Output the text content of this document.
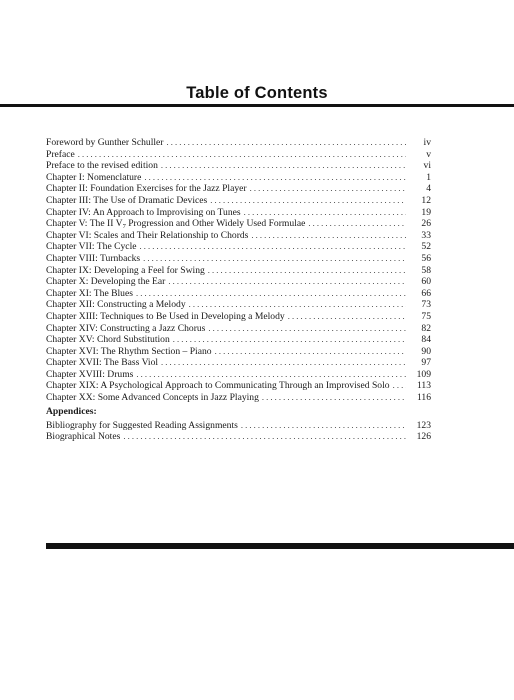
Table of Contents
Foreword by Gunther Schuller . . .	iv
Preface . . .	v
Preface to the revised edition . . .	vi
Chapter I: Nomenclature . . .	1
Chapter II: Foundation Exercises for the Jazz Player . . .	4
Chapter III: The Use of Dramatic Devices . . .	12
Chapter IV: An Approach to Improvising on Tunes . . .	19
Chapter V: The II $V_7$ Progression and Other Widely Used Formulae . . .	26
Chapter VI: Scales and Their Relationship to Chords . . .	33
Chapter VII: The Cycle . . .	52
Chapter VIII: Turnbacks . . .	56
Chapter IX: Developing a Feel for Swing . . .	58
Chapter X: Developing the Ear . . .	60
Chapter XI: The Blues . . .	66
Chapter XII: Constructing a Melody . . .	73
Chapter XIII: Techniques to Be Used in Developing a Melody . . .	75
Chapter XIV: Constructing a Jazz Chorus . . .	82
Chapter XV: Chord Substitution . . .	84
Chapter XVI: The Rhythm Section – Piano . . .	90
Chapter XVII: The Bass Viol . . .	97
Chapter XVIII: Drums . . .	109
Chapter XIX: A Psychological Approach to Communicating Through an Improvised Solo . . .	113
Chapter XX: Some Advanced Concepts in Jazz Playing . . .	116
Appendices:
Bibliography for Suggested Reading Assignments . . .	123
Biographical Notes . . .	126
